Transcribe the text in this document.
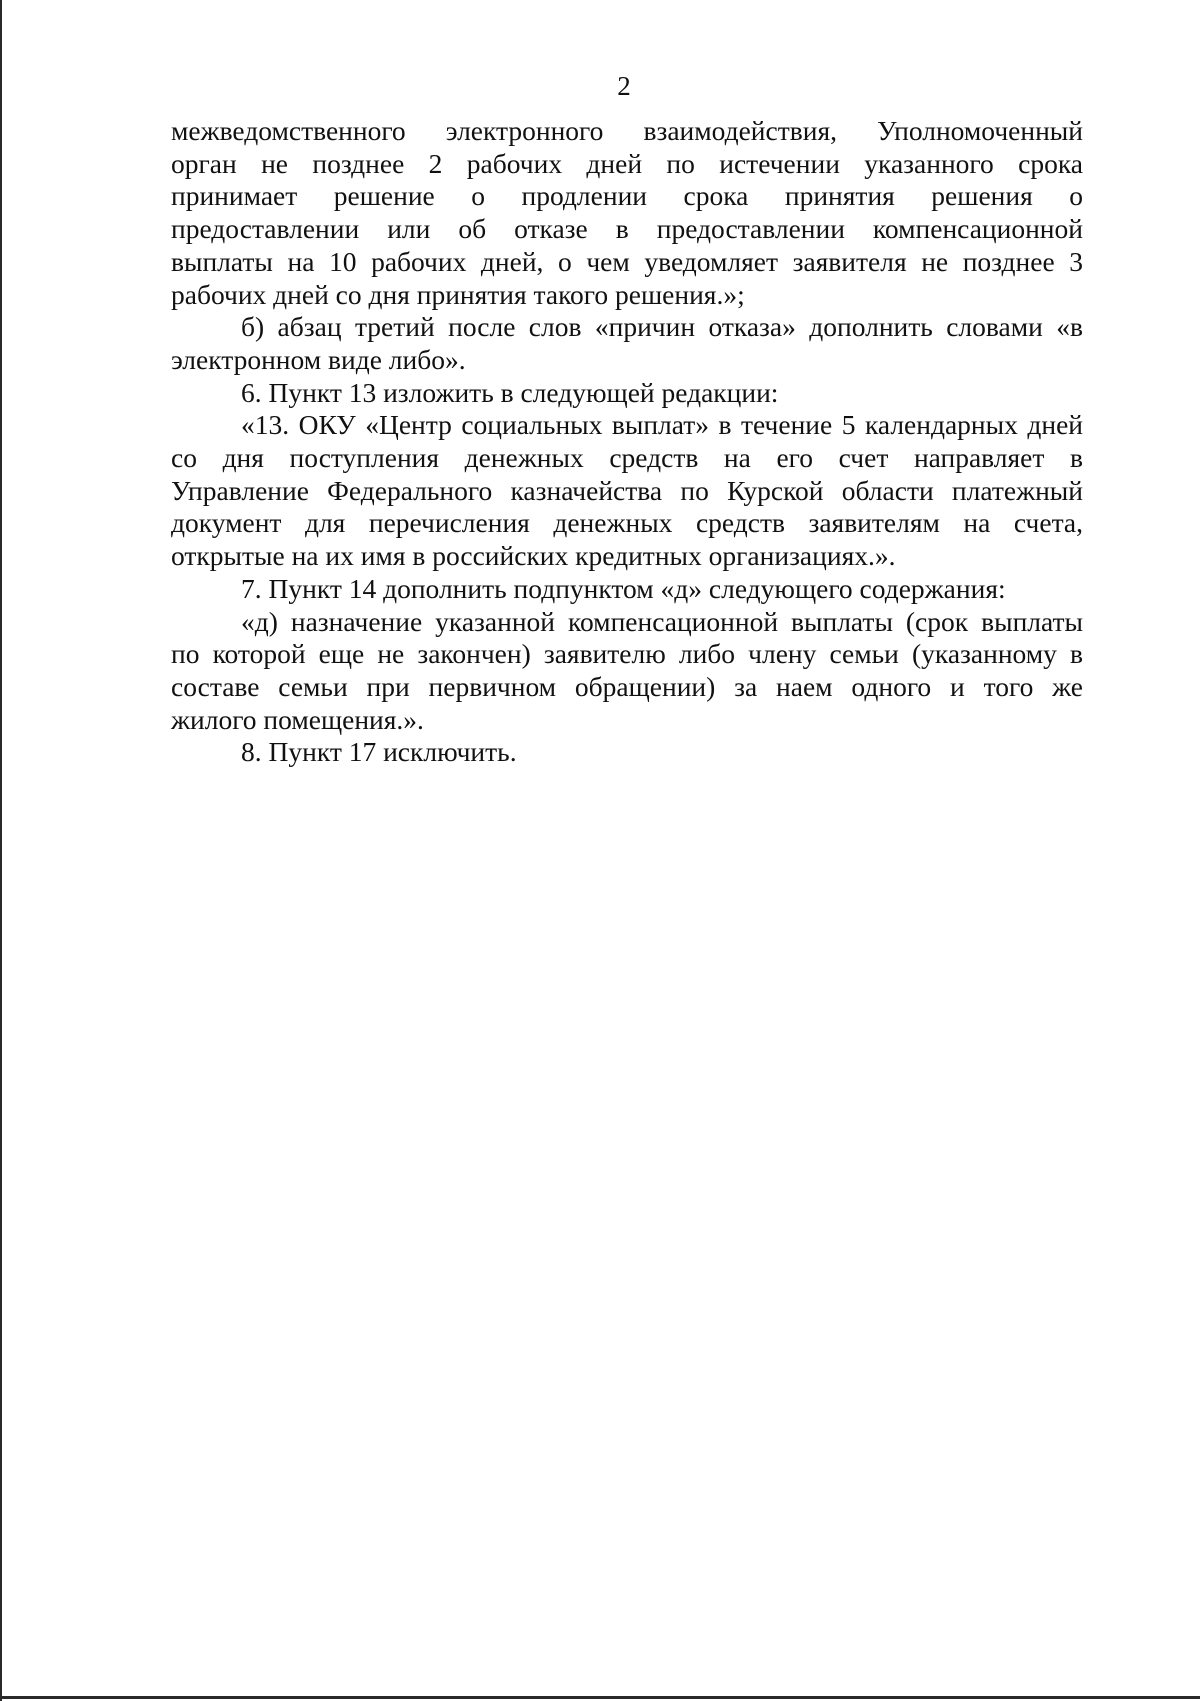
2
межведомственного электронного взаимодействия, Уполномоченный
орган не позднее 2 рабочих дней по истечении указанного срока
принимает решение о продлении срока принятия решения о
предоставлении или об отказе в предоставлении компенсационной
выплаты на 10 рабочих дней, о чем уведомляет заявителя не позднее 3
рабочих дней со дня принятия такого решения.»;
б) абзац третий после слов «причин отказа» дополнить словами «в
электронном виде либо».
6. Пункт 13 изложить в следующей редакции:
«13. ОКУ «Центр социальных выплат» в течение 5 календарных дней
со дня поступления денежных средств на его счет направляет в
Управление Федерального казначейства по Курской области платежный
документ для перечисления денежных средств заявителям на счета,
открытые на их имя в российских кредитных организациях.».
7. Пункт 14 дополнить подпунктом «д» следующего содержания:
«д) назначение указанной компенсационной выплаты (срок выплаты
по которой еще не закончен) заявителю либо члену семьи (указанному в
составе семьи при первичном обращении) за наем одного и того же
жилого помещения.».
8. Пункт 17 исключить.
